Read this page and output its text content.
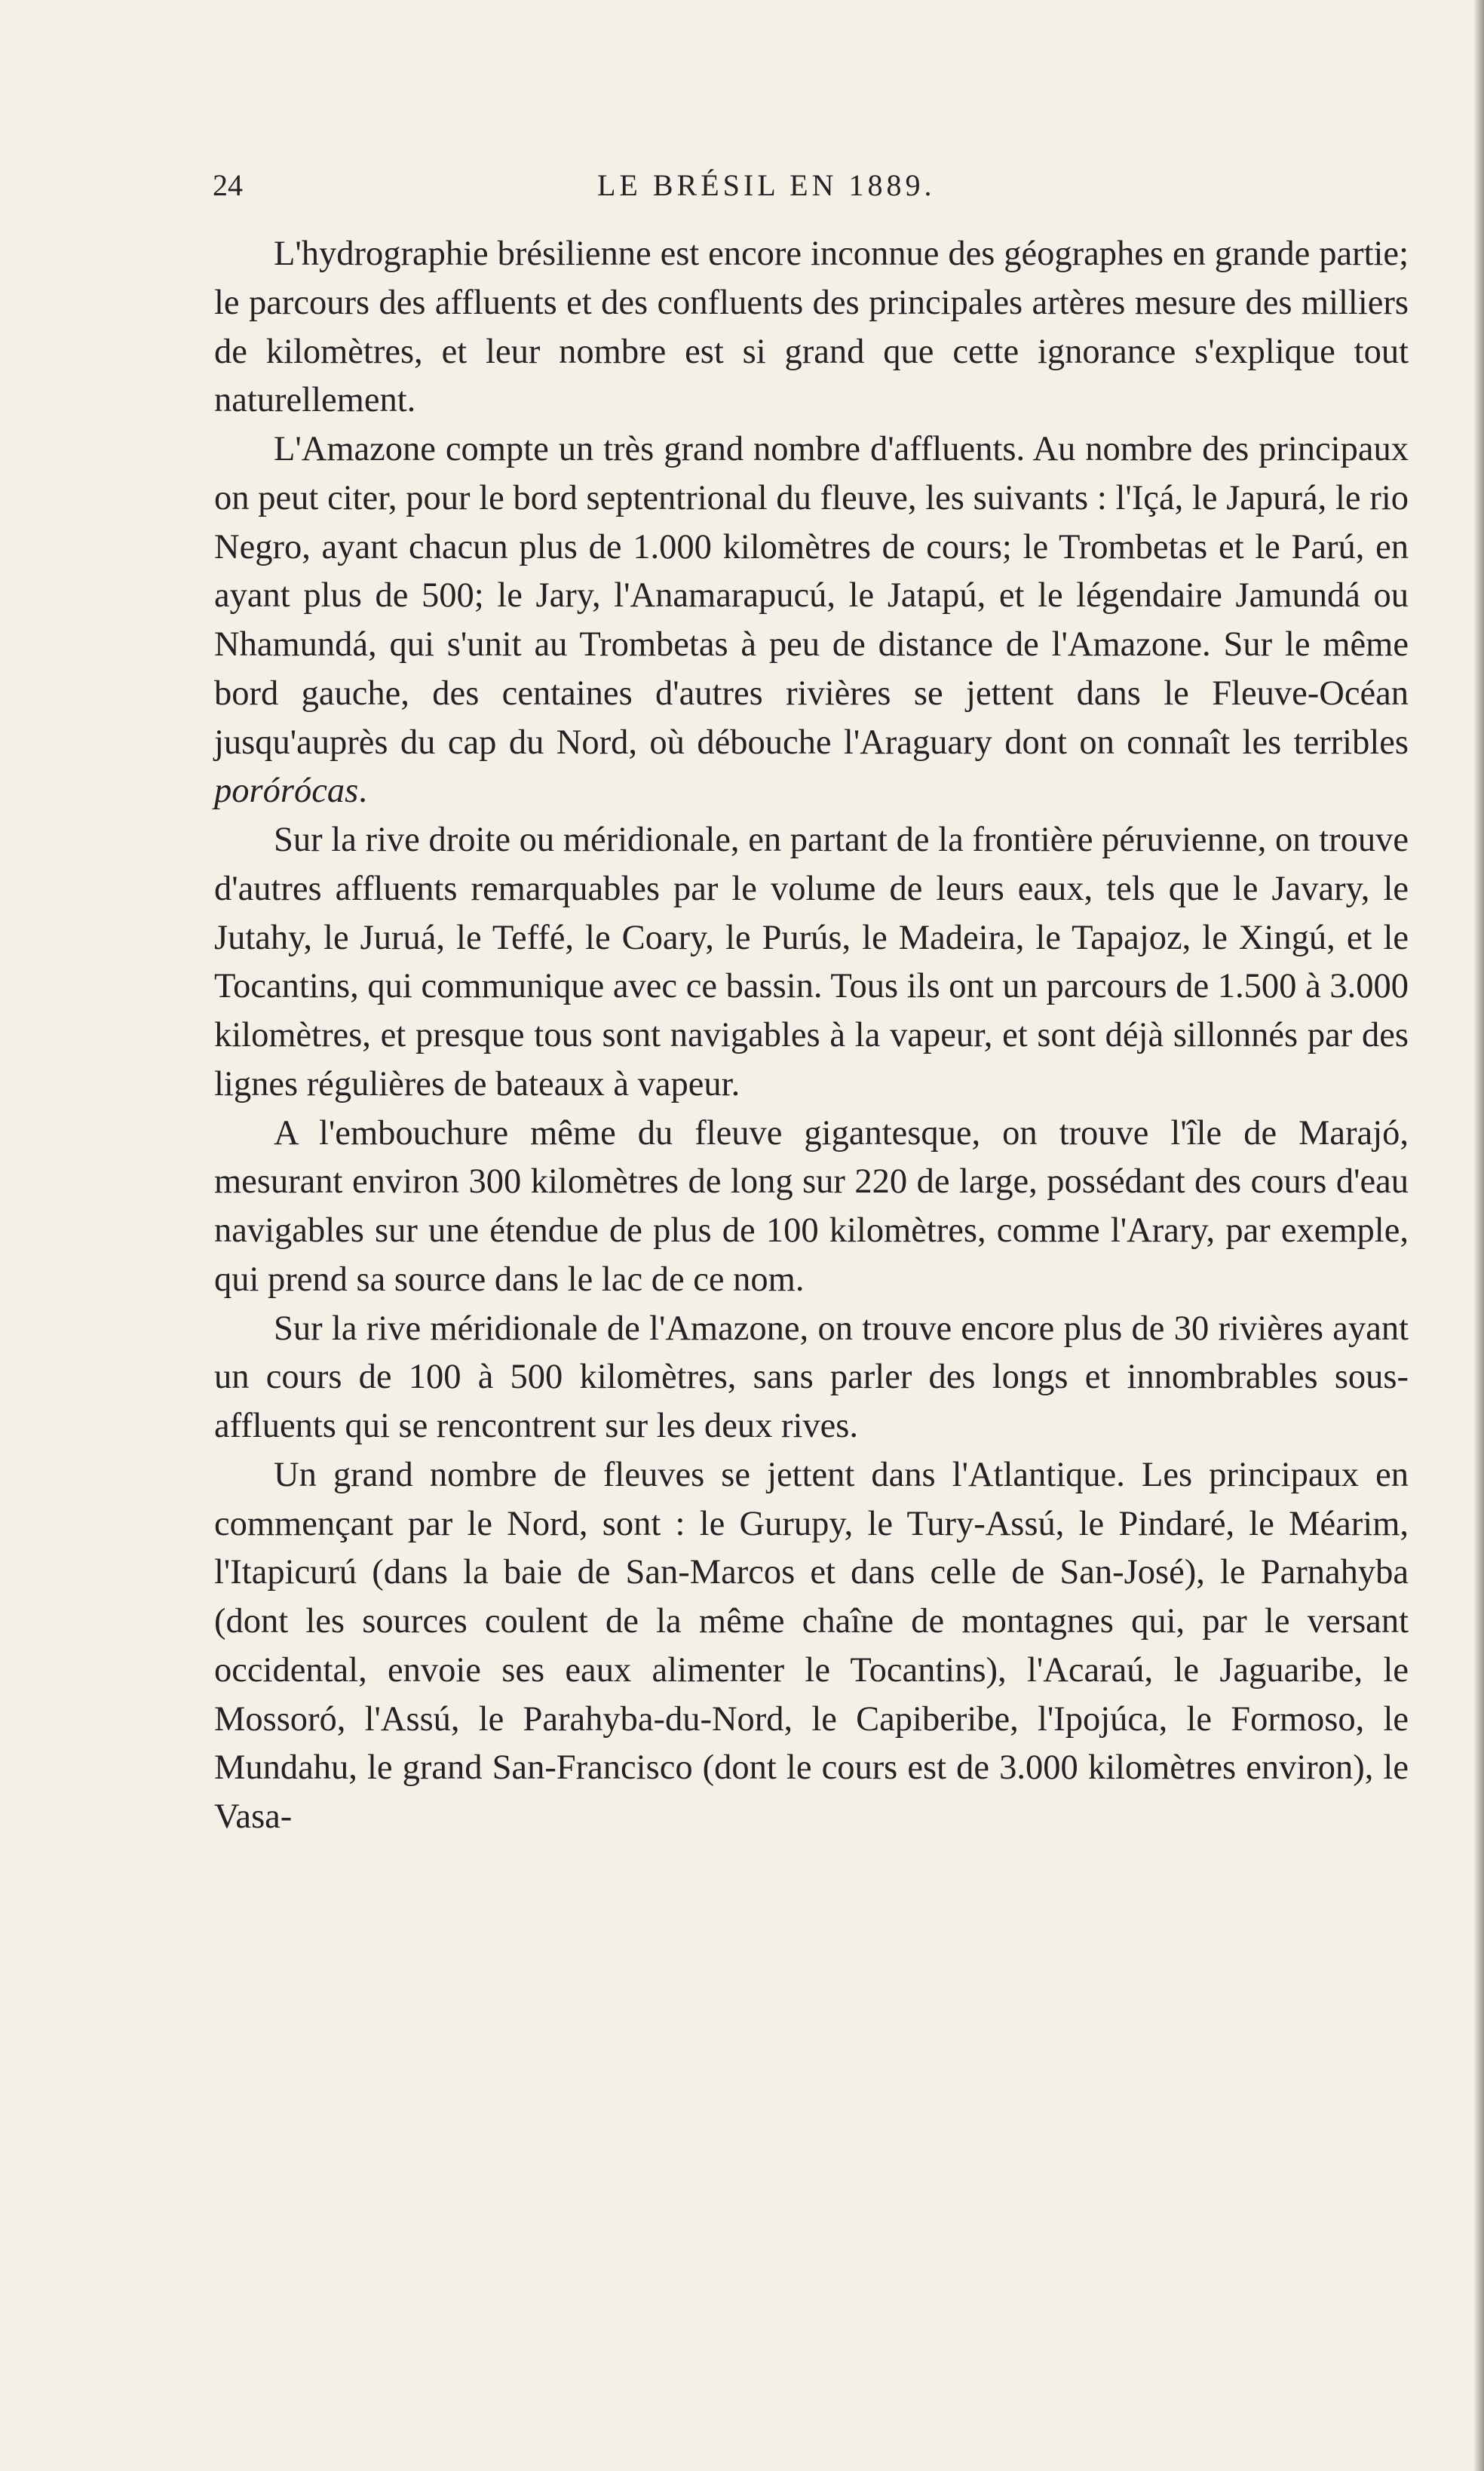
24	LE BRÉSIL EN 1889.

L'hydrographie brésilienne est encore inconnue des géographes en grande partie; le parcours des affluents et des confluents des principales artères mesure des milliers de kilomètres, et leur nombre est si grand que cette ignorance s'explique tout naturellement.

L'Amazone compte un très grand nombre d'affluents. Au nombre des principaux on peut citer, pour le bord septentrional du fleuve, les suivants : l'Içá, le Japurá, le rio Negro, ayant chacun plus de 1.000 kilomètres de cours; le Trombetas et le Parú, en ayant plus de 500; le Jary, l'Anamarapucú, le Jatapú, et le légendaire Jamundá ou Nhamundá, qui s'unit au Trombetas à peu de distance de l'Amazone. Sur le même bord gauche, des centaines d'autres rivières se jettent dans le Fleuve-Océan jusqu'auprès du cap du Nord, où débouche l'Araguary dont on connaît les terribles porórócas.

Sur la rive droite ou méridionale, en partant de la frontière péruvienne, on trouve d'autres affluents remarquables par le volume de leurs eaux, tels que le Javary, le Jutahy, le Juruá, le Teffé, le Coary, le Purús, le Madeira, le Tapajoz, le Xingú, et le Tocantins, qui communique avec ce bassin. Tous ils ont un parcours de 1.500 à 3.000 kilomètres, et presque tous sont navigables à la vapeur, et sont déjà sillonnés par des lignes régulières de bateaux à vapeur.

A l'embouchure même du fleuve gigantesque, on trouve l'île de Marajó, mesurant environ 300 kilomètres de long sur 220 de large, possédant des cours d'eau navigables sur une étendue de plus de 100 kilomètres, comme l'Arary, par exemple, qui prend sa source dans le lac de ce nom.

Sur la rive méridionale de l'Amazone, on trouve encore plus de 30 rivières ayant un cours de 100 à 500 kilomètres, sans parler des longs et innombrables sous-affluents qui se rencontrent sur les deux rives.

Un grand nombre de fleuves se jettent dans l'Atlantique. Les principaux en commençant par le Nord, sont : le Gurupy, le Tury-Assú, le Pindaré, le Méarim, l'Itapicurú (dans la baie de San-Marcos et dans celle de San-José), le Parnahyba (dont les sources coulent de la même chaîne de montagnes qui, par le versant occidental, envoie ses eaux alimenter le Tocantins), l'Acaraú, le Jaguaribe, le Mossoró, l'Assú, le Parahyba-du-Nord, le Capiberibe, l'Ipojúca, le Formoso, le Mundahu, le grand San-Francisco (dont le cours est de 3.000 kilomètres environ), le Vasa-
